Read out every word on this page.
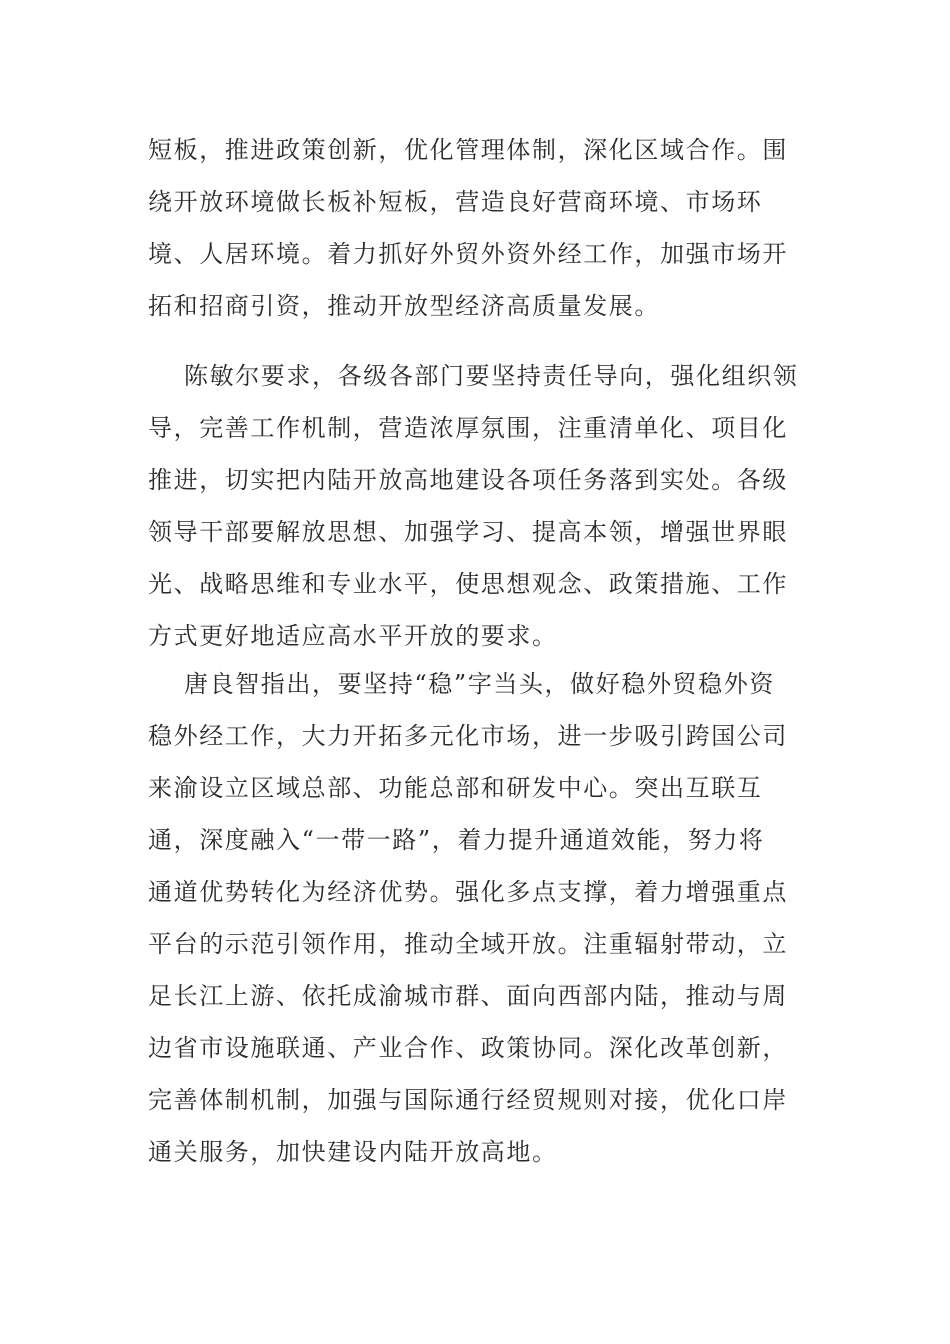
短板，推进政策创新，优化管理体制，深化区域合作。围
绕开放环境做长板补短板，营造良好营商环境、市场环
境、人居环境。着力抓好外贸外资外经工作，加强市场开
拓和招商引资，推动开放型经济高质量发展。
陈敏尔要求，各级各部门要坚持责任导向，强化组织领
导，完善工作机制，营造浓厚氛围，注重清单化、项目化
推进，切实把内陆开放高地建设各项任务落到实处。各级
领导干部要解放思想、加强学习、提高本领，增强世界眼
光、战略思维和专业水平，使思想观念、政策措施、工作
方式更好地适应高水平开放的要求。
唐良智指出，要坚持“稳”字当头，做好稳外贸稳外资
稳外经工作，大力开拓多元化市场，进一步吸引跨国公司
来渝设立区域总部、功能总部和研发中心。突出互联互
通，深度融入“一带一路”，着力提升通道效能，努力将
通道优势转化为经济优势。强化多点支撑，着力增强重点
平台的示范引领作用，推动全域开放。注重辐射带动，立
足长江上游、依托成渝城市群、面向西部内陆，推动与周
边省市设施联通、产业合作、政策协同。深化改革创新，
完善体制机制，加强与国际通行经贸规则对接，优化口岸
通关服务，加快建设内陆开放高地。
